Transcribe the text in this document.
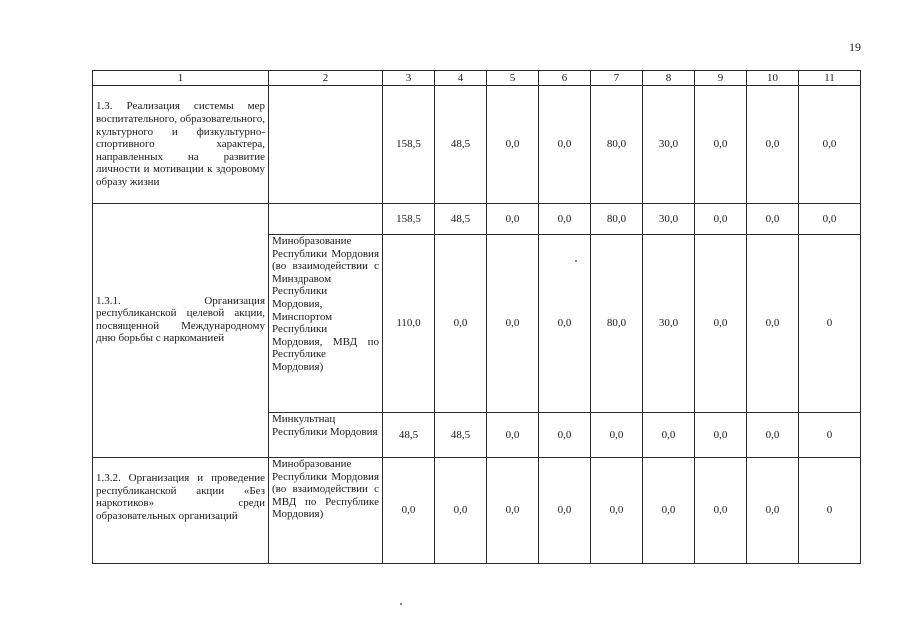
19
1	2	3	4	5	6	7	8	9	10	11
1.3. Реализация системы мер воспитательного, образовательного, культурного и физкультурно-спортивного характера, направленных на развитие личности и мотивации к здоровому образу жизни		158,5	48,5	0,0	0,0	80,0	30,0	0,0	0,0	0,0
		158,5	48,5	0,0	0,0	80,0	30,0	0,0	0,0	0,0
1.3.1. Организация республиканской целевой акции, посвященной Международному дню борьбы с наркоманией	Минобразование Республики Мордовия (во взаимодействии с Минздравом Республики Мордовия, Минспортом Республики Мордовия, МВД по Республике Мордовия)	110,0	0,0	0,0	0,0	80,0	30,0	0,0	0,0	0
	Минкультнац Республики Мордовия	48,5	48,5	0,0	0,0	0,0	0,0	0,0	0,0	0
1.3.2. Организация и проведение республиканской акции «Без наркотиков» среди образовательных организаций	Минобразование Республики Мордовия (во взаимодействии с МВД по Республике Мордовия)	0,0	0,0	0,0	0,0	0,0	0,0	0,0	0,0	0
